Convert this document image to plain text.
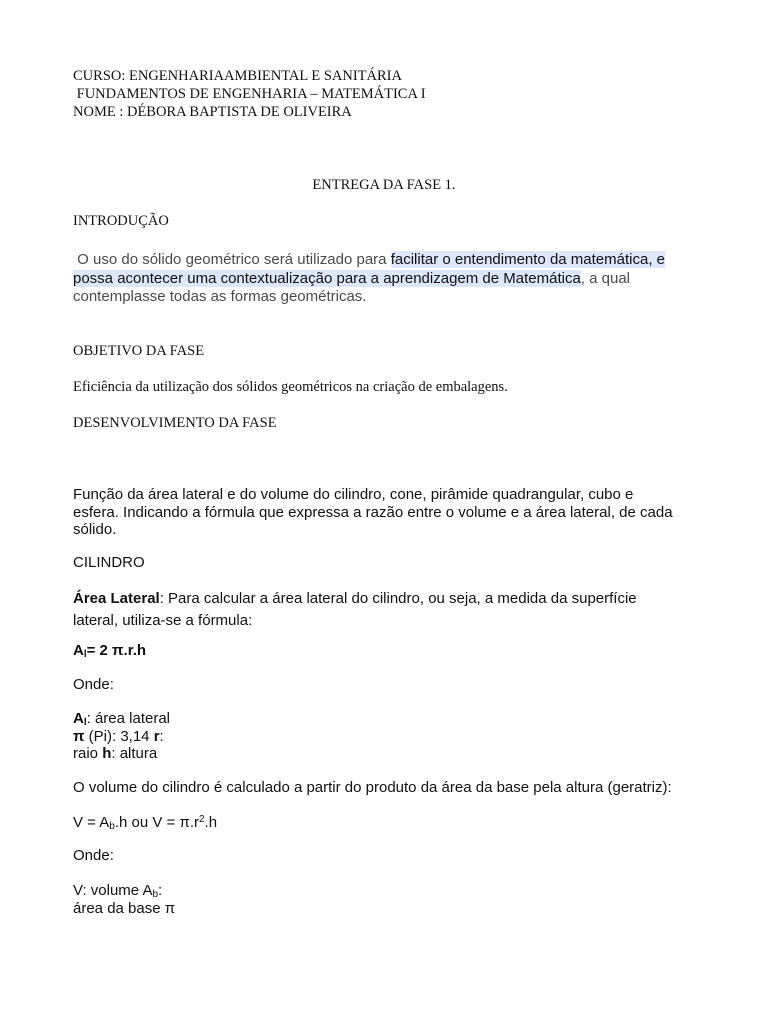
CURSO: ENGENHARIAAMBIENTAL E SANITÁRIA

FUNDAMENTOS DE ENGENHARIA – MATEMÁTICA I

NOME : DÉBORA BAPTISTA DE OLIVEIRA

ENTREGA DA FASE 1.

INTRODUÇÃO

O uso do sólido geométrico será utilizado para facilitar o entendimento da matemática, e
possa acontecer uma contextualização para a aprendizagem de Matemática, a qual
contemplasse todas as formas geométricas.

OBJETIVO DA FASE

Eficiência da utilização dos sólidos geométricos na criação de embalagens.

DESENVOLVIMENTO DA FASE

Função da área lateral e do volume do cilindro, cone, pirâmide quadrangular, cubo e
esfera. Indicando a fórmula que expressa a razão entre o volume e a área lateral, de cada
sólido.

CILINDRO

Área Lateral: Para calcular a área lateral do cilindro, ou seja, a medida da superfície
lateral, utiliza-se a fórmula:

$A_l= 2$ π.r.h

Onde:

$A_l$: área lateral
π (Pi): 3,14 r:
raio h: altura

O volume do cilindro é calculado a partir do produto da área da base pela altura (geratriz):

$V = A_b.h$ ou $V = \pi.r^2.h$

Onde:

V: volume $A_b$:
área da base π
